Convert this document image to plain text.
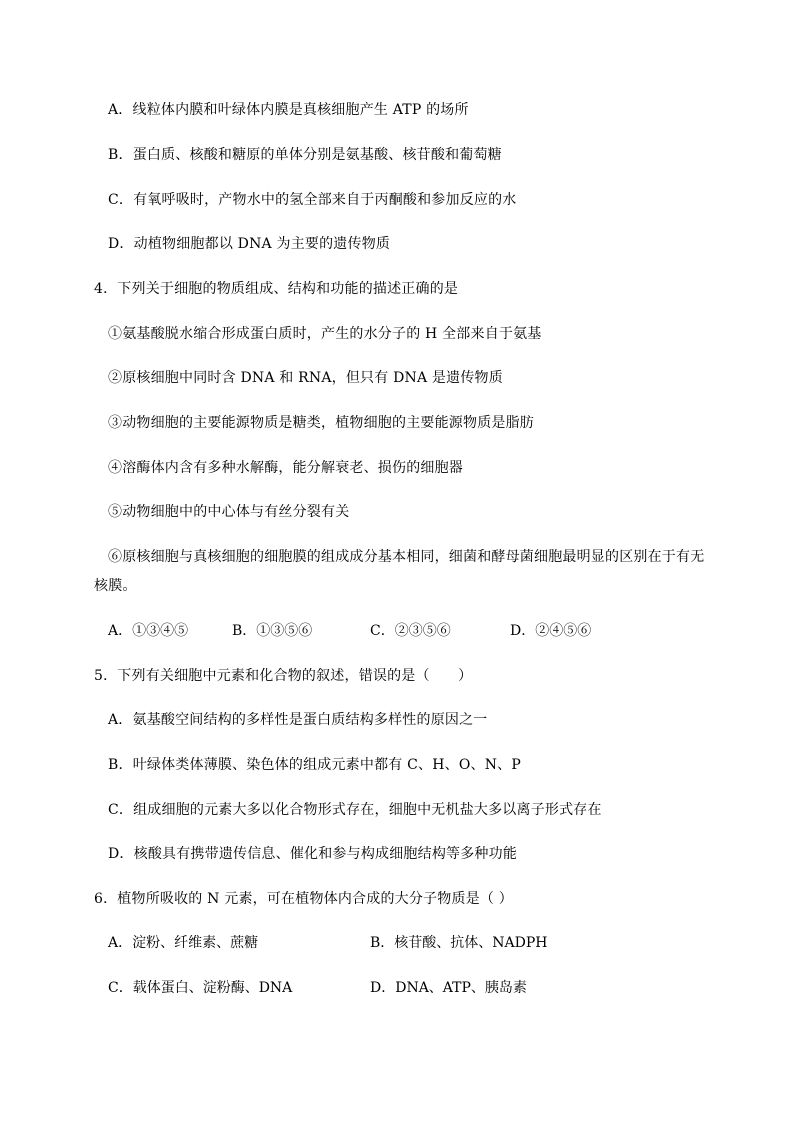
A．线粒体内膜和叶绿体内膜是真核细胞产生 ATP 的场所
B．蛋白质、核酸和糖原的单体分别是氨基酸、核苷酸和葡萄糖
C．有氧呼吸时，产物水中的氢全部来自于丙酮酸和参加反应的水
D．动植物细胞都以 DNA 为主要的遗传物质
4．下列关于细胞的物质组成、结构和功能的描述正确的是
①氨基酸脱水缩合形成蛋白质时，产生的水分子的 H 全部来自于氨基
②原核细胞中同时含 DNA 和 RNA，但只有 DNA 是遗传物质
③动物细胞的主要能源物质是糖类，植物细胞的主要能源物质是脂肪
④溶酶体内含有多种水解酶，能分解衰老、损伤的细胞器
⑤动物细胞中的中心体与有丝分裂有关
⑥原核细胞与真核细胞的细胞膜的组成成分基本相同，细菌和酵母菌细胞最明显的区别在于有无
核膜。
A．①③④⑤	B．①③⑤⑥	C．②③⑤⑥	D．②④⑤⑥
5．下列有关细胞中元素和化合物的叙述，错误的是（　　）
A．氨基酸空间结构的多样性是蛋白质结构多样性的原因之一
B．叶绿体类体薄膜、染色体的组成元素中都有 C、H、O、N、P
C．组成细胞的元素大多以化合物形式存在，细胞中无机盐大多以离子形式存在
D．核酸具有携带遗传信息、催化和参与构成细胞结构等多种功能
6．植物所吸收的 N 元素，可在植物体内合成的大分子物质是（ ）
A．淀粉、纤维素、蔗糖	B．核苷酸、抗体、NADPH
C．载体蛋白、淀粉酶、DNA	D．DNA、ATP、胰岛素
